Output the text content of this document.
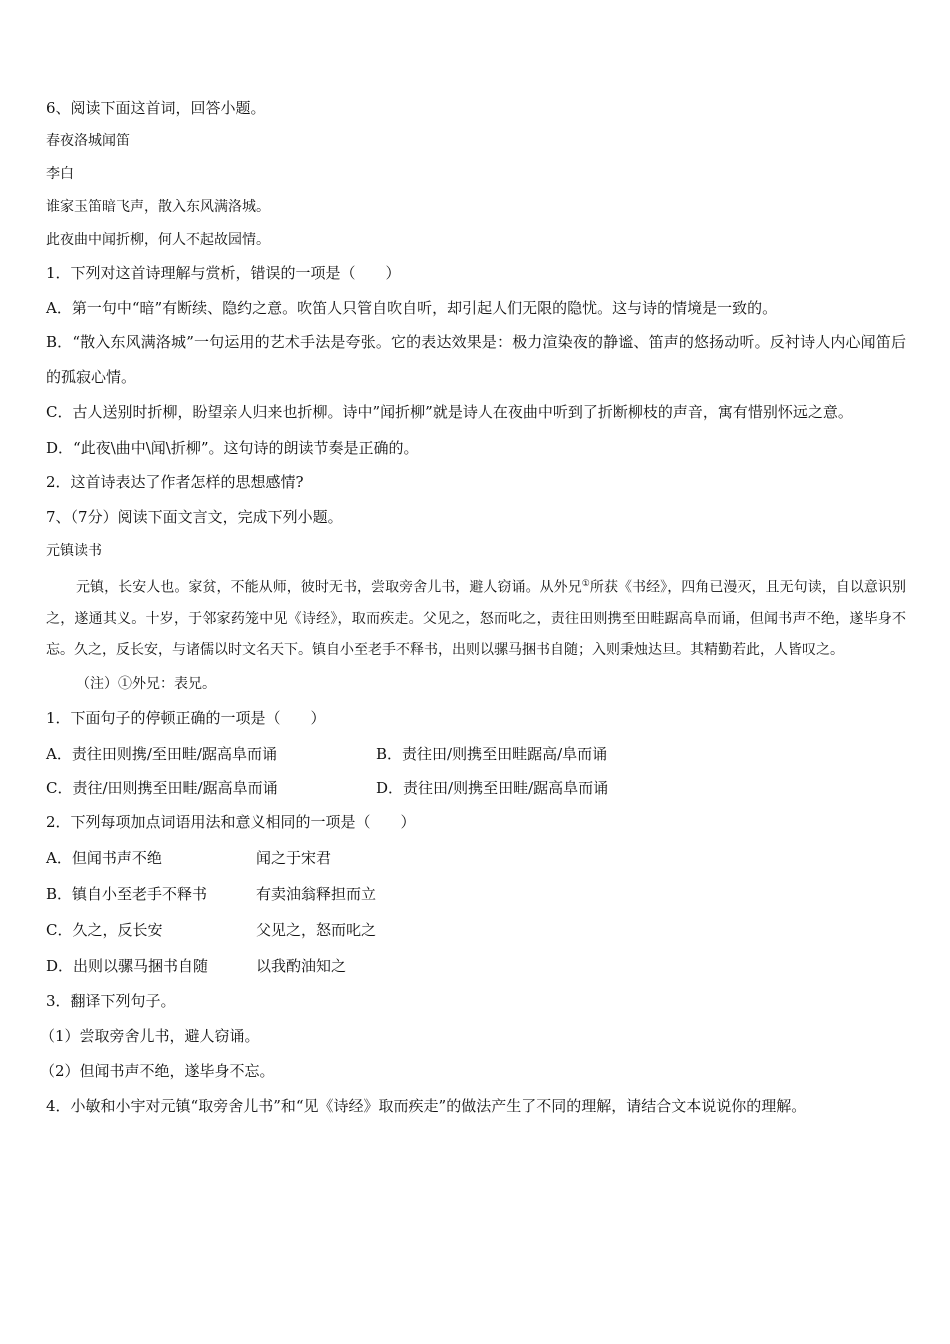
6、阅读下面这首词，回答小题。

春夜洛城闻笛

李白

谁家玉笛暗飞声，散入东风满洛城。

此夜曲中闻折柳，何人不起故园情。

1．下列对这首诗理解与赏析，错误的一项是（　　）

A．第一句中“暗”有断续、隐约之意。吹笛人只管自吹自听，却引起人们无限的隐忧。这与诗的情境是一致的。

B．“散入东风满洛城”一句运用的艺术手法是夸张。它的表达效果是：极力渲染夜的静谧、笛声的悠扬动听。反衬诗人内心闻笛后的孤寂心情。

C．古人送别时折柳，盼望亲人归来也折柳。诗中”闻折柳”就是诗人在夜曲中听到了折断柳枝的声音，寓有惜别怀远之意。

D．“此夜\曲中\闻\折柳”。这句诗的朗读节奏是正确的。

2．这首诗表达了作者怎样的思想感情?

7、（7分）阅读下面文言文，完成下列小题。

元镇读书

元镇，长安人也。家贫，不能从师，彼时无书，尝取旁舍儿书，避人窃诵。从外兄①所获《书经》，四角已漫灭，且无句读，自以意识别之，遂通其义。十岁，于邻家药笼中见《诗经》，取而疾走。父见之，怒而叱之，责往田则携至田畦踞高阜而诵，但闻书声不绝，遂毕身不忘。久之，反长安，与诸儒以时文名天下。镇自小至老手不释书，出则以骡马捆书自随；入则秉烛达旦。其精勤若此，人皆叹之。

（注）①外兄：表兄。

1．下面句子的停顿正确的一项是（　　）

A．责往田则携/至田畦/踞高阜而诵	B．责往田/则携至田畦踞高/阜而诵
C．责往/田则携至田畦/踞高阜而诵	D．责往田/则携至田畦/踞高阜而诵

2．下列每项加点词语用法和意义相同的一项是（　　）

A．但闻书声不绝	闻之于宋君
B．镇自小至老手不释书	有卖油翁释担而立
C．久之，反长安	父见之，怒而叱之
D．出则以骡马捆书自随	以我酌油知之

3．翻译下列句子。

（1）尝取旁舍儿书，避人窃诵。

（2）但闻书声不绝，遂毕身不忘。

4．小敏和小宇对元镇“取旁舍儿书”和“见《诗经》取而疾走”的做法产生了不同的理解，请结合文本说说你的理解。
